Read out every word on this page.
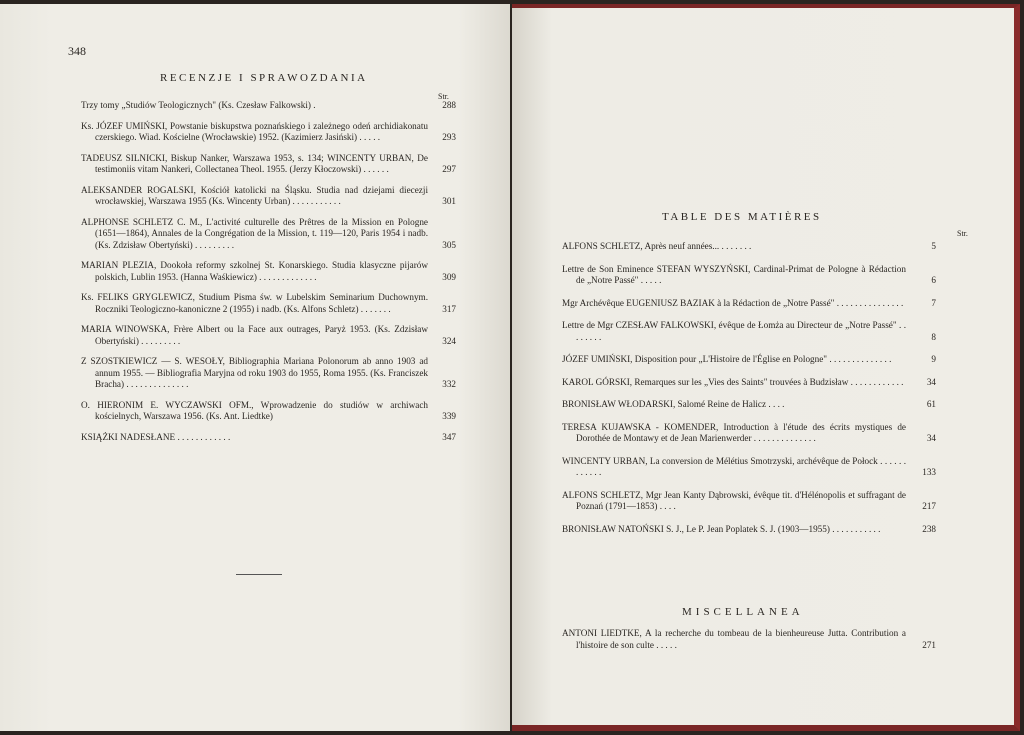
348
RECENZJE I SPRAWOZDANIA
Str.
Trzy tomy „Studiów Teologicznych" (Ks. Czesław Falkowski) .	288
Ks. JÓZEF UMIŃSKI, Powstanie biskupstwa poznańskiego i zależnego odeń archidiakonatu czerskiego. Wiad. Kościelne (Wrocławskie) 1952. (Kazimierz Jasiński) . . . . .	293
TADEUSZ SILNICKI, Biskup Nanker, Warszawa 1953, s. 134; WINCENTY URBAN, De testimoniis vitam Nankeri, Collectanea Theol. 1955. (Jerzy Kłoczowski) . . . . . .	297
ALEKSANDER ROGALSKI, Kościół katolicki na Śląsku. Studia nad dziejami diecezji wrocławskiej, Warszawa 1955 (Ks. Wincenty Urban) . . . . . . . . . . .	301
ALPHONSE SCHLETZ C. M., L'activité culturelle des Prêtres de la Mission en Pologne (1651—1864), Annales de la Congrégation de la Mission, t. 119—120, Paris 1954 i nadb. (Ks. Zdzisław Obertyński) . . . . . . . . .	305
MARIAN PLEZIA, Dookoła reformy szkolnej St. Konarskiego. Studia klasyczne pijarów polskich, Lublin 1953. (Hanna Waśkiewicz) . . . . . . . . . . . . .	309
Ks. FELIKS GRYGLEWICZ, Studium Pisma św. w Lubelskim Seminarium Duchownym. Roczniki Teologiczno-kanoniczne 2 (1955) i nadb. (Ks. Alfons Schletz) . . . . . . .	317
MARIA WINOWSKA, Frère Albert ou la Face aux outrages, Paryż 1953. (Ks. Zdzisław Obertyński) . . . . . . . . .	324
Z SZOSTKIEWICZ — S. WESOŁY, Bibliographia Mariana Polonorum ab anno 1903 ad annum 1955. — Bibliografia Maryjna od roku 1903 do 1955, Roma 1955. (Ks. Franciszek Bracha) . . . . . . . . . . . . . .	332
O. HIERONIM E. WYCZAWSKI OFM., Wprowadzenie do studiów w archiwach kościelnych, Warszawa 1956. (Ks. Ant. Liedtke)	339
KSIĄŻKI NADESŁANE . . . . . . . . . . . .	347
TABLE DES MATIÈRES
Str.
ALFONS SCHLETZ, Après neuf années... . . . . . . .	5
Lettre de Son Eminence STEFAN WYSZYŃSKI, Cardinal-Primat de Pologne à Rédaction de „Notre Passé" . . . . .	6
Mgr Archévêque EUGENIUSZ BAZIAK à la Rédaction de „Notre Passé" . . . . . . . . . . . . . . .	7
Lettre de Mgr CZESŁAW FALKOWSKI, évêque de Łomża au Directeur de „Notre Passé" . . . . . . . .	8
JÓZEF UMIŃSKI, Disposition pour „L'Histoire de l'Église en Pologne" . . . . . . . . . . . . . .	9
KAROL GÓRSKI, Remarques sur les „Vies des Saints" trouvées à Budzisław . . . . . . . . . . . .	34
BRONISŁAW WŁODARSKI, Salomé Reine de Halicz . . . .	61
TERESA KUJAWSKA - KOMENDER, Introduction à l'étude des écrits mystiques de Dorothée de Montawy et de Jean Marienwerder . . . . . . . . . . . . . .	34
WINCENTY URBAN, La conversion de Mélétius Smotrzyski, archévêque de Połock . . . . . . . . . . . .	133
ALFONS SCHLETZ, Mgr Jean Kanty Dąbrowski, évêque tit. d'Hélénopolis et suffragant de Poznań (1791—1853) . . . .	217
BRONISŁAW NATOŃSKI S. J., Le P. Jean Poplatek S. J. (1903—1955) . . . . . . . . . . .	238
MISCELLANEA
ANTONI LIEDTKE, A la recherche du tombeau de la bienheureuse Jutta. Contribution a l'histoire de son culte . . . . .	271
